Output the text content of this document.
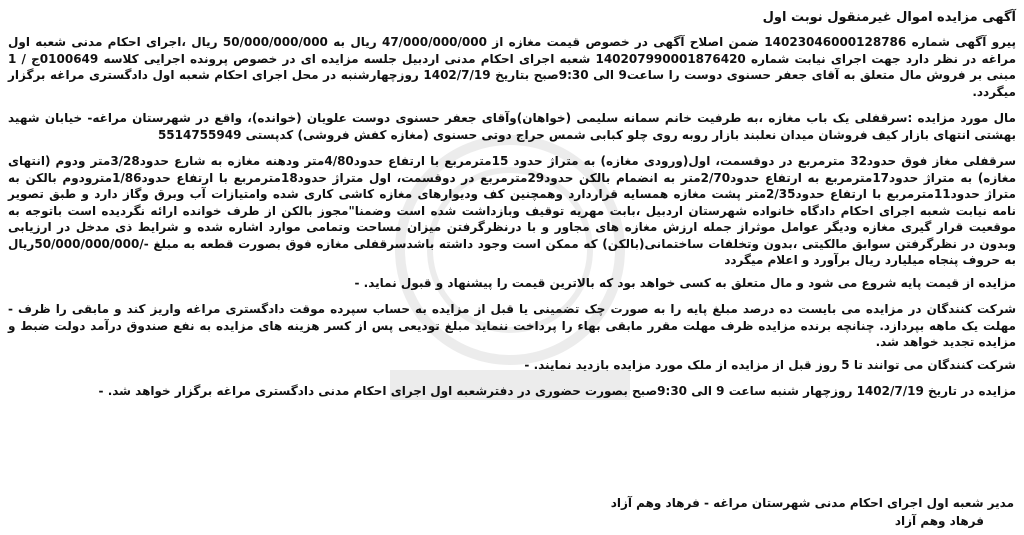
آگهی مزایده اموال غیرمنقول نوبت اول

پیرو آگهی شماره 14023046000128786 ضمن اصلاح آگهی در خصوص قیمت مغازه از 47/000/000/000 ریال به 50/000/000/000 ریال ،اجرای احکام مدنی شعبه اول مراغه در نظر دارد جهت اجرای نیابت شماره 140207990001876420 شعبه اجرای احکام مدنی اردبیل جلسه مزایده ای در خصوص پرونده اجرایی کلاسه 0100649ج / 1 مبنی بر فروش مال متعلق به آقای جعفر حسنوی دوست را ساعت9 الی 9:30صبح بتاریخ 1402/7/19 روزچهارشنبه در محل اجرای احکام شعبه اول دادگستری مراغه برگزار میگردد.

مال مورد مزایده :سرقفلی یک باب مغازه ،به طرفیت خانم سمانه سلیمی (خواهان)وآقای جعفر حسنوی دوست علویان (خوانده)، واقع در شهرستان مراغه- خیابان شهید بهشتی انتهای بازار کیف فروشان میدان نعلبند بازار روبه روی چلو کبابی شمس حراج دوتی حسنوی (مغازه کفش فروشی) کدپستی 5514755949

سرقفلی مغاز فوق حدود32 مترمربع در دوقسمت، اول(ورودی مغازه) به متراژ حدود 15مترمربع با ارتفاع حدود4/80متر ودهنه مغازه به شارع حدود3/28متر ودوم (انتهای مغازه) به متراژ حدود17مترمربع به ارتفاع حدود2/70متر به انضمام بالکن حدود29مترمربع در دوقسمت، اول متراژ حدود18مترمربع با ارتفاع حدود1/86مترودوم بالکن به متراژ حدود11مترمربع با ارتفاع حدود2/35متر پشت مغازه همسایه قراردارد وهمچنین کف وديوارهای مغازه کاشی کاری شده وامتیازات آب وبرق وگاز دارد و طبق تصویر نامه نیابت شعبه اجرای احکام دادگاه خانواده شهرستان اردبیل ،بابت مهریه توقیف وبازداشت شده است وضمنا"مجوز بالکن از طرف خوانده ارائه نگردیده است باتوجه به موقعیت قرار گیری مغازه ودیگر عوامل موثراز جمله ارزش مغازه های مجاور و با درنظرگرفتن میزان مساحت وتمامی موارد اشاره شده و شرایط ذی مدخل در ارزیابی وبدون در نظرگرفتن سوابق مالکیتی ،بدون وتخلفات ساختمانی(بالکن) که ممکن است وجود داشته باشدسرقفلی مغازه فوق بصورت قطعه به مبلغ -/50/000/000/000ریال به حروف پنجاه میلیارد ریال برآورد و اعلام میگردد

مزایده از قیمت پایه شروع می شود و مال متعلق به کسی خواهد بود که بالاترین قیمت را پیشنهاد و قبول نماید. -

شرکت کنندگان در مزایده می بایست ده درصد مبلغ پایه را به صورت چک تضمینی یا قبل از مزایده به حساب سپرده موقت دادگستری مراغه واریز کند و مابقی را ظرف - مهلت یک ماهه بپردازد. چنانچه برنده مزایده ظرف مهلت مقرر مابقی بهاء را پرداخت ننماید مبلغ تودیعی پس از کسر هزینه های مزایده به نفع صندوق درآمد دولت ضبط و مزایده تجدید خواهد شد.

شرکت کنندگان می توانند تا 5 روز قبل از مزایده از ملک مورد مزایده بازدید نمایند. -

مزایده در تاریخ 1402/7/19 روزچهار شنبه ساعت 9 الی 9:30صبح بصورت حضوری در دفترشعبه اول اجرای احکام مدنی دادگستری مراغه برگزار خواهد شد. -

مدیر شعبه اول اجرای احکام مدنی شهرستان مراغه - فرهاد وهم آزاد
فرهاد وهم آزاد
